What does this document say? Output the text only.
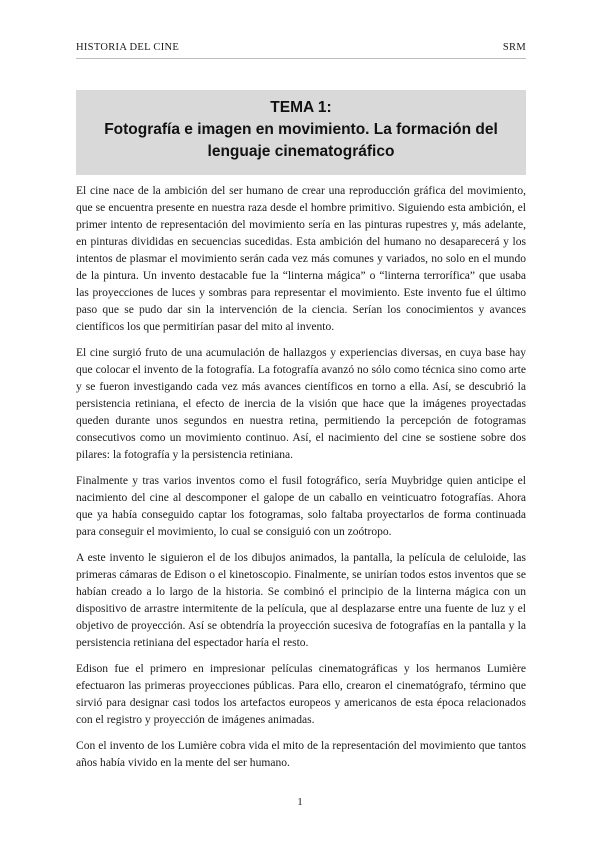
HISTORIA DEL CINE	SRM
TEMA 1:
Fotografía e imagen en movimiento. La formación del lenguaje cinematográfico

El cine nace de la ambición del ser humano de crear una reproducción gráfica del movimiento, que se encuentra presente en nuestra raza desde el hombre primitivo. Siguiendo esta ambición, el primer intento de representación del movimiento sería en las pinturas rupestres y, más adelante, en pinturas divididas en secuencias sucedidas. Esta ambición del humano no desaparecerá y los intentos de plasmar el movimiento serán cada vez más comunes y variados, no solo en el mundo de la pintura. Un invento destacable fue la “linterna mágica” o “linterna terrorífica” que usaba las proyecciones de luces y sombras para representar el movimiento. Este invento fue el último paso que se pudo dar sin la intervención de la ciencia. Serían los conocimientos y avances científicos los que permitirían pasar del mito al invento.

El cine surgió fruto de una acumulación de hallazgos y experiencias diversas, en cuya base hay que colocar el invento de la fotografía. La fotografía avanzó no sólo como técnica sino como arte y se fueron investigando cada vez más avances científicos en torno a ella. Así, se descubrió la persistencia retiniana, el efecto de inercia de la visión que hace que la imágenes proyectadas queden durante unos segundos en nuestra retina, permitiendo la percepción de fotogramas consecutivos como un movimiento continuo. Así, el nacimiento del cine se sostiene sobre dos pilares: la fotografía y la persistencia retiniana.

Finalmente y tras varios inventos como el fusil fotográfico, sería Muybridge quien anticipe el nacimiento del cine al descomponer el galope de un caballo en veinticuatro fotografías. Ahora que ya había conseguido captar los fotogramas, solo faltaba proyectarlos de forma continuada para conseguir el movimiento, lo cual se consiguió con un zoótropo.

A este invento le siguieron el de los dibujos animados, la pantalla, la película de celuloide, las primeras cámaras de Edison o el kinetoscopio. Finalmente, se unirían todos estos inventos que se habían creado a lo largo de la historia. Se combinó el principio de la linterna mágica con un dispositivo de arrastre intermitente de la película, que al desplazarse entre una fuente de luz y el objetivo de proyección. Así se obtendría la proyección sucesiva de fotografías en la pantalla y la persistencia retiniana del espectador haría el resto.

Edison fue el primero en impresionar películas cinematográficas y los hermanos Lumière efectuaron las primeras proyecciones públicas. Para ello, crearon el cinematógrafo, término que sirvió para designar casi todos los artefactos europeos y americanos de esta época relacionados con el registro y proyección de imágenes animadas.

Con el invento de los Lumière cobra vida el mito de la representación del movimiento que tantos años había vivido en la mente del ser humano.

1
